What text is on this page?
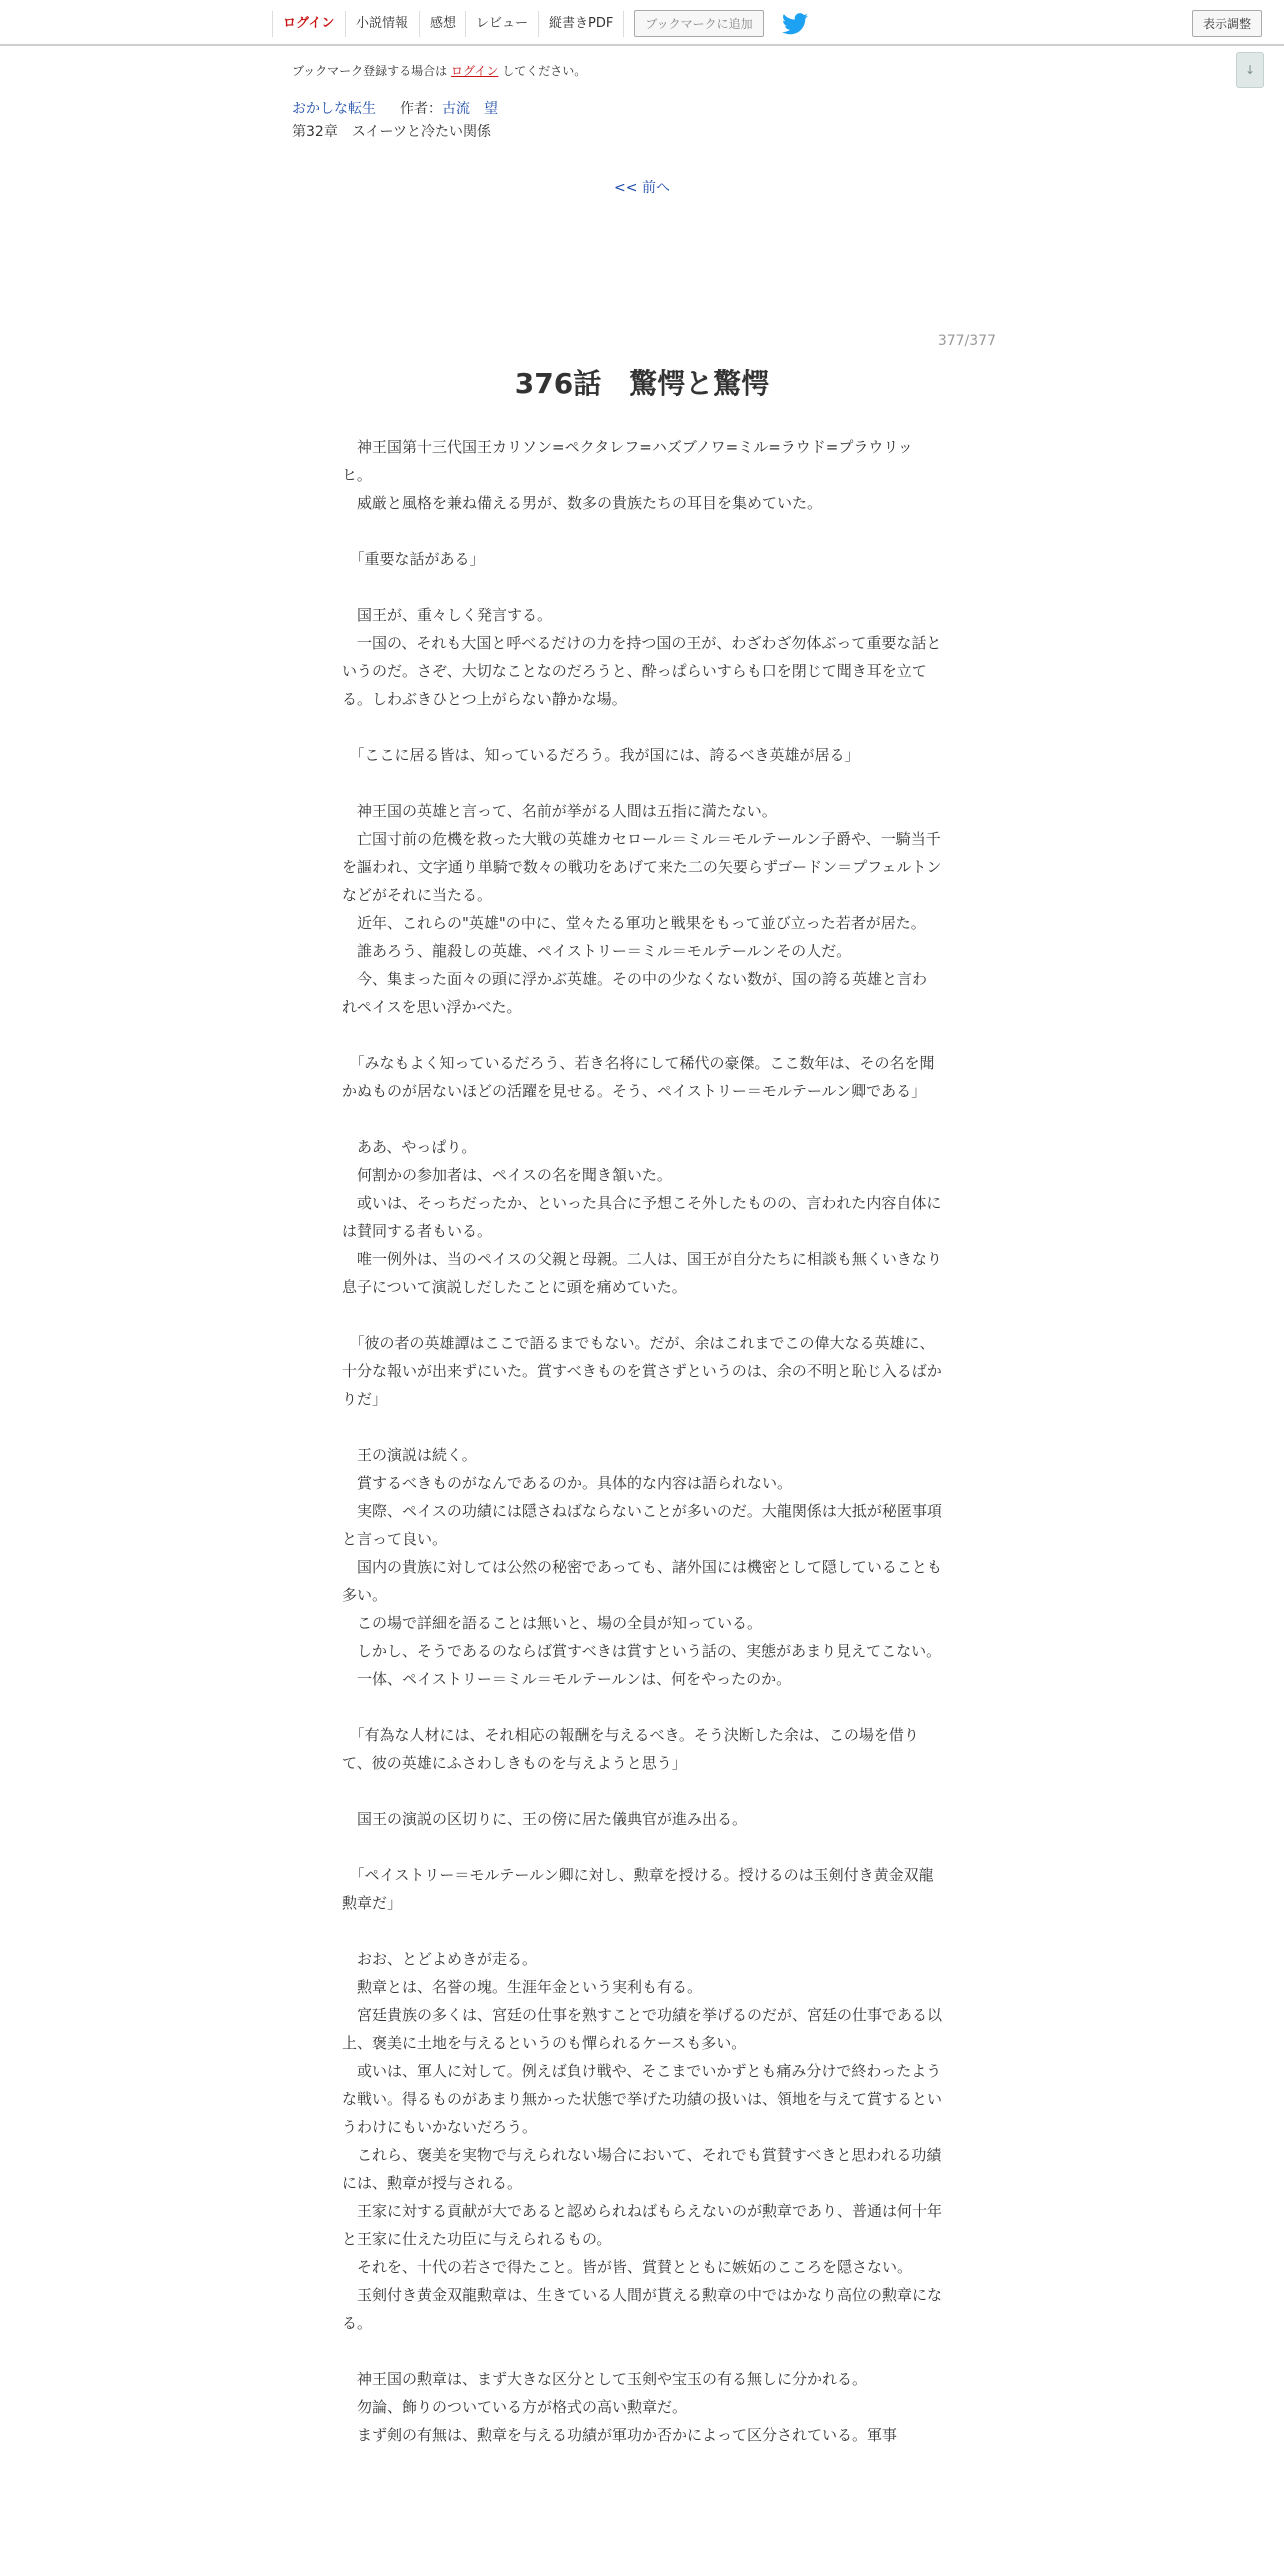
ログイン	小説情報	感想	レビュー	縦書きPDF	ブックマークに追加	表示調整
↓
ブックマーク登録する場合は ログイン してください。
おかしな転生 作者：古流　望
第32章　スイーツと冷たい関係
<< 前へ
377/377
376話　驚愕と驚愕

　神王国第十三代国王カリソン=ペクタレフ=ハズブノワ=ミル=ラウド=プラウリッヒ。

　威厳と風格を兼ね備える男が、数多の貴族たちの耳目を集めていた。

　「重要な話がある」

　国王が、重々しく発言する。

　一国の、それも大国と呼べるだけの力を持つ国の王が、わざわざ勿体ぶって重要な話というのだ。さぞ、大切なことなのだろうと、酔っぱらいすらも口を閉じて聞き耳を立てる。しわぶきひとつ上がらない静かな場。

　「ここに居る皆は、知っているだろう。我が国には、誇るべき英雄が居る」

　神王国の英雄と言って、名前が挙がる人間は五指に満たない。

　亡国寸前の危機を救った大戦の英雄カセロール＝ミル＝モルテールン子爵や、一騎当千を謳われ、文字通り単騎で数々の戦功をあげて来た二の矢要らずゴードン＝プフェルトンなどがそれに当たる。

　近年、これらの"英雄"の中に、堂々たる軍功と戦果をもって並び立った若者が居た。

　誰あろう、龍殺しの英雄、ペイストリー＝ミル＝モルテールンその人だ。

　今、集まった面々の頭に浮かぶ英雄。その中の少なくない数が、国の誇る英雄と言われペイスを思い浮かべた。

　「みなもよく知っているだろう、若き名将にして稀代の豪傑。ここ数年は、その名を聞かぬものが居ないほどの活躍を見せる。そう、ペイストリー＝モルテールン卿である」

　ああ、やっぱり。

　何割かの参加者は、ペイスの名を聞き頷いた。

　或いは、そっちだったか、といった具合に予想こそ外したものの、言われた内容自体には賛同する者もいる。

　唯一例外は、当のペイスの父親と母親。二人は、国王が自分たちに相談も無くいきなり息子について演説しだしたことに頭を痛めていた。

　「彼の者の英雄譚はここで語るまでもない。だが、余はこれまでこの偉大なる英雄に、十分な報いが出来ずにいた。賞すべきものを賞さずというのは、余の不明と恥じ入るばかりだ」

　王の演説は続く。

　賞するべきものがなんであるのか。具体的な内容は語られない。

　実際、ペイスの功績には隠さねばならないことが多いのだ。大龍関係は大抵が秘匿事項と言って良い。

　国内の貴族に対しては公然の秘密であっても、諸外国には機密として隠していることも多い。

　この場で詳細を語ることは無いと、場の全員が知っている。

　しかし、そうであるのならば賞すべきは賞すという話の、実態があまり見えてこない。

　一体、ペイストリー＝ミル＝モルテールンは、何をやったのか。

　「有為な人材には、それ相応の報酬を与えるべき。そう決断した余は、この場を借りて、彼の英雄にふさわしきものを与えようと思う」

　国王の演説の区切りに、王の傍に居た儀典官が進み出る。

　「ペイストリー＝モルテールン卿に対し、勲章を授ける。授けるのは玉剣付き黄金双龍勲章だ」

　おお、とどよめきが走る。

　勲章とは、名誉の塊。生涯年金という実利も有る。

　宮廷貴族の多くは、宮廷の仕事を熟すことで功績を挙げるのだが、宮廷の仕事である以上、褒美に土地を与えるというのも憚られるケースも多い。

　或いは、軍人に対して。例えば負け戦や、そこまでいかずとも痛み分けで終わったような戦い。得るものがあまり無かった状態で挙げた功績の扱いは、領地を与えて賞するというわけにもいかないだろう。

　これら、褒美を実物で与えられない場合において、それでも賞賛すべきと思われる功績には、勲章が授与される。

　王家に対する貢献が大であると認められねばもらえないのが勲章であり、普通は何十年と王家に仕えた功臣に与えられるもの。

　それを、十代の若さで得たこと。皆が皆、賞賛とともに嫉妬のこころを隠さない。

　玉剣付き黄金双龍勲章は、生きている人間が貰える勲章の中ではかなり高位の勲章になる。

　神王国の勲章は、まず大きな区分として玉剣や宝玉の有る無しに分かれる。

　勿論、飾りのついている方が格式の高い勲章だ。

　まず剣の有無は、勲章を与える功績が軍功か否かによって区分されている。軍事
